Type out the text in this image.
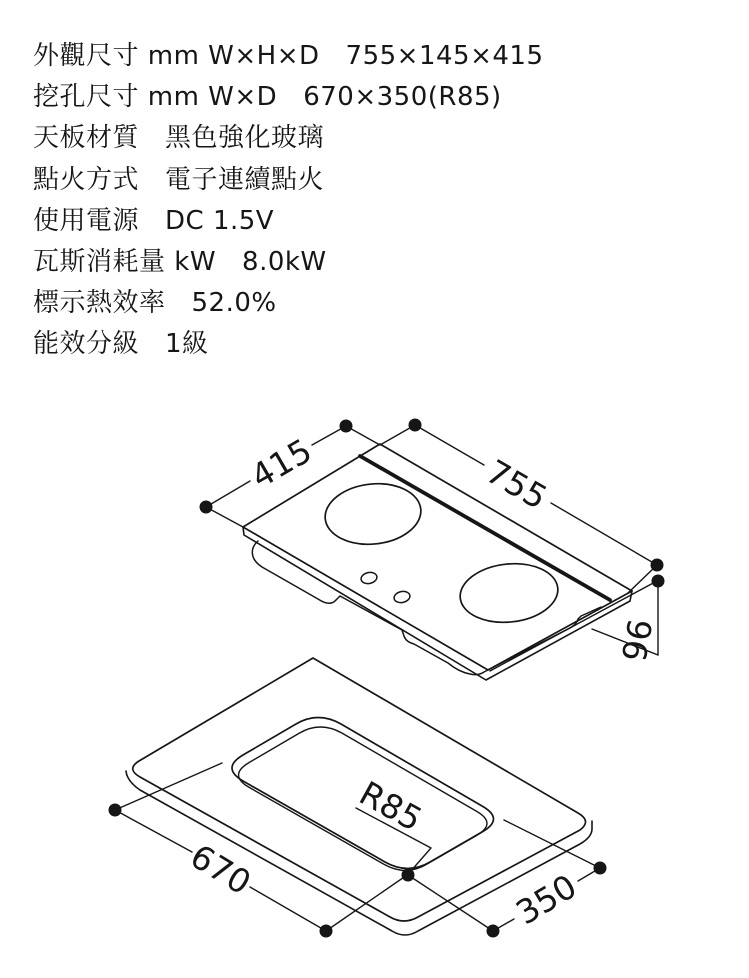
外觀尺寸 mm W×H×D 755×145×415
挖孔尺寸 mm W×D 670×350(R85)
天板材質 黑色強化玻璃
點火方式 電子連續點火
使用電源 DC 1.5V
瓦斯消耗量 kW 8.0kW
標示熱效率 52.0%
能效分級 1級
415	755
96
670	350
R85
